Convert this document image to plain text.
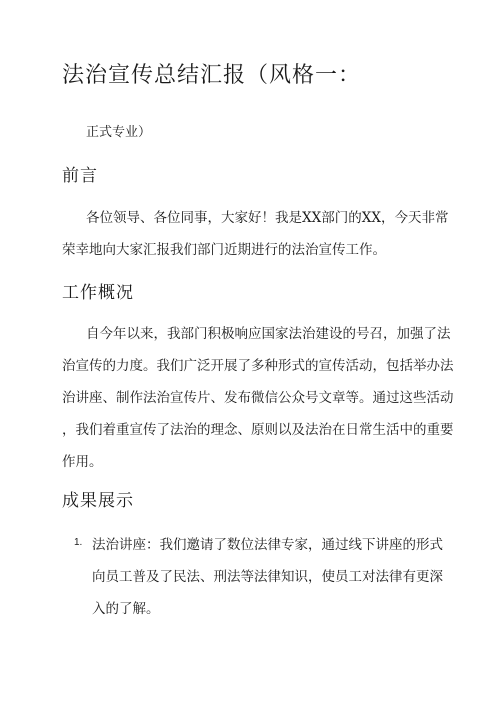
法治宣传总结汇报（风格一：
正式专业）
前言
各位领导、各位同事，大家好！我是XX部门的XX，今天非常
荣幸地向大家汇报我们部门近期进行的法治宣传工作。
工作概况
自今年以来，我部门积极响应国家法治建设的号召，加强了法
治宣传的力度。我们广泛开展了多种形式的宣传活动，包括举办法
治讲座、制作法治宣传片、发布微信公众号文章等。通过这些活动
，我们着重宣传了法治的理念、原则以及法治在日常生活中的重要
作用。
成果展示
1. 法治讲座：我们邀请了数位法律专家，通过线下讲座的形式
向员工普及了民法、刑法等法律知识，使员工对法律有更深
入的了解。
